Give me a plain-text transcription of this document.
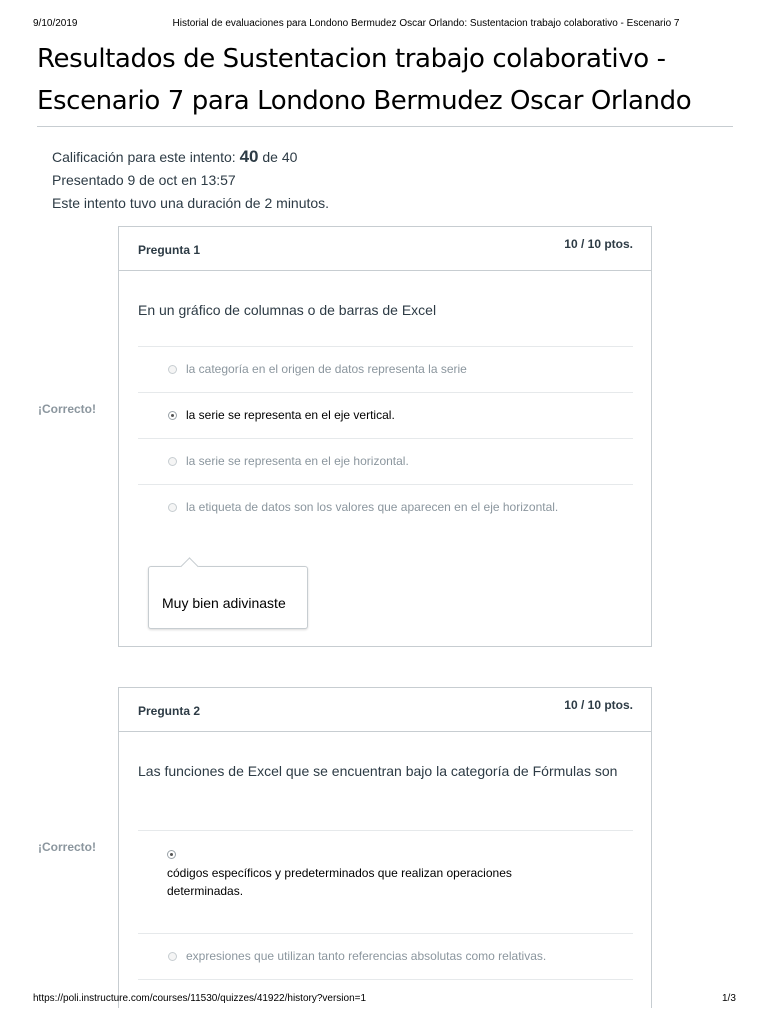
9/10/2019	Historial de evaluaciones para Londono Bermudez Oscar Orlando: Sustentacion trabajo colaborativo - Escenario 7
Resultados de Sustentacion trabajo colaborativo -
Escenario 7 para Londono Bermudez Oscar Orlando
Calificación para este intento: 40 de 40
Presentado 9 de oct en 13:57
Este intento tuvo una duración de 2 minutos.
¡Correcto!
Pregunta 1	10 / 10 ptos.
En un gráfico de columnas o de barras de Excel
la categoría en el origen de datos representa la serie
la serie se representa en el eje vertical.
la serie se representa en el eje horizontal.
la etiqueta de datos son los valores que aparecen en el eje horizontal.
Muy bien adivinaste
¡Correcto!
Pregunta 2	10 / 10 ptos.
Las funciones de Excel que se encuentran bajo la categoría de Fórmulas son
códigos específicos y predeterminados que realizan operaciones determinadas.
expresiones que utilizan tanto referencias absolutas como relativas.
https://poli.instructure.com/courses/11530/quizzes/41922/history?version=1	1/3
